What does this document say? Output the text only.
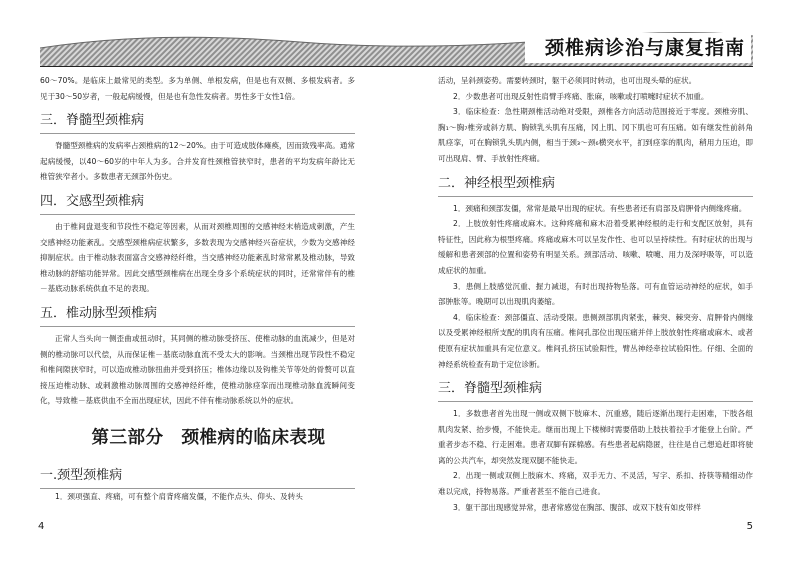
颈椎病诊治与康复指南

60～70%。是临床上最常见的类型。多为单侧、单根发病，但是也有双侧、多根发病者。多见于30～50岁者，一般起病缓慢，但是也有急性发病者。男性多于女性1倍。

三．脊髓型颈椎病

脊髓型颈椎病的发病率占颈椎病的12～20%。由于可造成肢体瘫痪，因而致残率高。通常起病缓慢，以40～60岁的中年人为多。合并发育性颈椎管狭窄时，患者的平均发病年龄比无椎管狭窄者小。多数患者无颈部外伤史。

四．交感型颈椎病

由于椎间盘退变和节段性不稳定等因素，从而对颈椎周围的交感神经末梢造成刺激，产生交感神经功能紊乱。交感型颈椎病症状繁多，多数表现为交感神经兴奋症状，少数为交感神经抑制症状。由于椎动脉表面富含交感神经纤维，当交感神经功能紊乱时常常累及椎动脉，导致椎动脉的舒缩功能异常。因此交感型颈椎病在出现全身多个系统症状的同时，还常常伴有的椎－基底动脉系统供血不足的表现。

五．椎动脉型颈椎病

正常人当头向一侧歪曲或扭动时，其同侧的椎动脉受挤压、使椎动脉的血流减少，但是对侧的椎动脉可以代偿，从而保证椎－基底动脉血流不受太大的影响。当颈椎出现节段性不稳定和椎间隙狭窄时，可以造成椎动脉扭曲并受到挤压；椎体边缘以及钩椎关节等处的骨赘可以直接压迫椎动脉、或刺激椎动脉周围的交感神经纤维，使椎动脉痉挛而出现椎动脉血流瞬间变化，导致椎－基底供血不全而出现症状，因此不伴有椎动脉系统以外的症状。

第三部分　颈椎病的临床表现
一.颈型颈椎病

1．颈项强直、疼痛，可有整个肩背疼痛发僵，不能作点头、仰头、及转头

活动，呈斜颈姿势。需要转颈时，躯干必须同时转动，也可出现头晕的症状。

2．少数患者可出现反射性肩臂手疼痛、胀麻，咳嗽或打喷嚏时症状不加重。

3．临床检查：急性期颈椎活动绝对受限，颈椎各方向活动范围接近于零度。颈椎旁肌、胸₁～胸₇椎旁或斜方肌、胸锁乳头肌有压痛，冈上肌、冈下肌也可有压痛。如有继发性前斜角肌痉挛，可在胸锁乳头肌内侧，相当于颈₃～颈₆横突水平，扪到痉挛的肌肉，稍用力压迫，即可出现肩、臂、手放射性疼痛。

二．神经根型颈椎病

1．颈痛和颈部发僵，常常是最早出现的症状。有些患者还有肩部及肩胛骨内侧缘疼痛。

2．上肢放射性疼痛或麻木。这种疼痛和麻木沿着受累神经根的走行和支配区放射，具有特征性，因此称为根型疼痛。疼痛或麻木可以呈发作性、也可以呈持续性。有时症状的出现与缓解和患者颈部的位置和姿势有明显关系。颈部活动、咳嗽、喷嚏、用力及深呼吸等，可以造成症状的加重。

3．患侧上肢感觉沉重、握力减退，有时出现持物坠落。可有血管运动神经的症状，如手部肿胀等。晚期可以出现肌肉萎缩。

4．临床检查：颈部僵直、活动受限。患侧颈部肌肉紧张，棘突、棘突旁、肩胛骨内侧缘以及受累神经根所支配的肌肉有压痛。椎间孔部位出现压痛并伴上肢放射性疼痛或麻木、或者使原有症状加重具有定位意义。椎间孔挤压试验阳性，臂丛神经牵拉试验阳性。仔细、全面的神经系统检查有助于定位诊断。

三．脊髓型颈椎病

1．多数患者首先出现一侧或双侧下肢麻木、沉重感，随后逐渐出现行走困难，下肢各组肌肉发紧、抬步慢，不能快走。继而出现上下楼梯时需要借助上肢扶着拉手才能登上台阶。严重者步态不稳、行走困难。患者双脚有踩棉感。有些患者起病隐匿，往往是自己想追赶即将驶离的公共汽车，却突然发现双腿不能快走。

2．出现一侧或双侧上肢麻木、疼痛，双手无力、不灵活，写字、系扣、持筷等精细动作难以完成，持物易落。严重者甚至不能自己进食。

3．躯干部出现感觉异常，患者常感觉在胸部、腹部、或双下肢有如皮带样

4	5
